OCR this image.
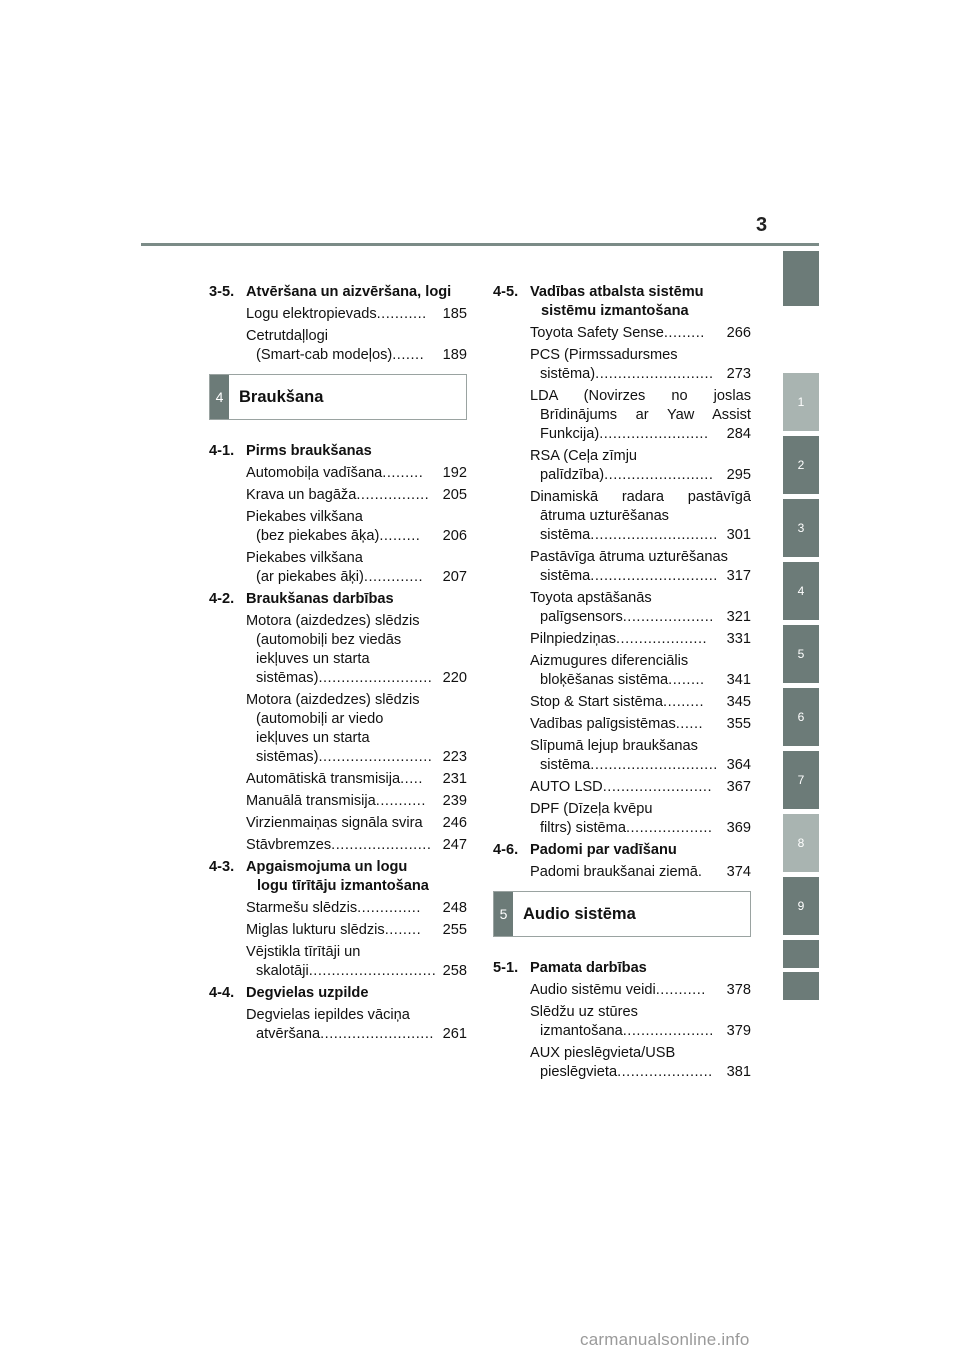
3
1
2
3
4
5
6
7
8
9
3-5. Atvēršana un aizvēršana, logi
Logu elektropievads ...........	185
Cetrutdaļlogi
(Smart-cab modeļos) .......	189
4 Braukšana
4-1. Pirms braukšanas
Automobiļa vadīšana .........	192
Krava un bagāža ................ 205
Piekabes vilkšana
(bez piekabes āķa) .........	206
Piekabes vilkšana
(ar piekabes āķi) .............	207
4-2. Braukšanas darbības
Motora (aizdedzes) slēdzis
(automobiļi bez viedās
iekļuves un starta
sistēmas) ......................... 220
Motora (aizdedzes) slēdzis
(automobiļi ar viedo
iekļuves un starta
sistēmas) ......................... 223
Automātiskā transmisija .....	231
Manuālā transmisija ...........	239
Virzienmaiņas signāla svira 246
Stāvbremzes ...................... 247
4-3. Apgaismojuma un logu
logu tīrītāju izmantošana
Starmešu slēdzis ..............	248
Miglas lukturu slēdzis ........	255
Vējstikla tīrītāji un
skalotāji ............................ 258
4-4. Degvielas uzpilde
Degvielas iepildes vāciņa
atvēršana ......................... 261
4-5. Vadības atbalsta sistēmu
sistēmu izmantošana
Toyota Safety Sense .........	266
PCS (Pirmssadursmes
sistēma) .......................... 273
LDA (Novirzes no joslas
Brīdinājums ar Yaw Assist
Funkcija) ........................	284
RSA (Ceļa zīmju
palīdzība) ........................ 295
Dinamiskā radara pastāvīgā
ātruma uzturēšanas
sistēma ............................ 301
Pastāvīga ātruma uzturēšanas
sistēma ............................ 317
Toyota apstāšanās
palīgsensors .................... 321
Pilnpiedziņas ....................	331
Aizmugures diferenciālis
bloķēšanas sistēma ........	341
Stop & Start sistēma .........	345
Vadības palīgsistēmas ......	355
Slīpumā lejup braukšanas
sistēma ............................ 364
AUTO LSD ........................ 367
DPF (Dīzeļa kvēpu
filtrs) sistēma ................... 369
4-6. Padomi par vadīšanu
Padomi braukšanai ziemā .	374
5 Audio sistēma
5-1. Pamata darbības
Audio sistēmu veidi ...........	378
Slēdžu uz stūres
izmantošana .................... 379
AUX pieslēgvieta/USB
pieslēgvieta ..................... 381
carmanualsonline.info
